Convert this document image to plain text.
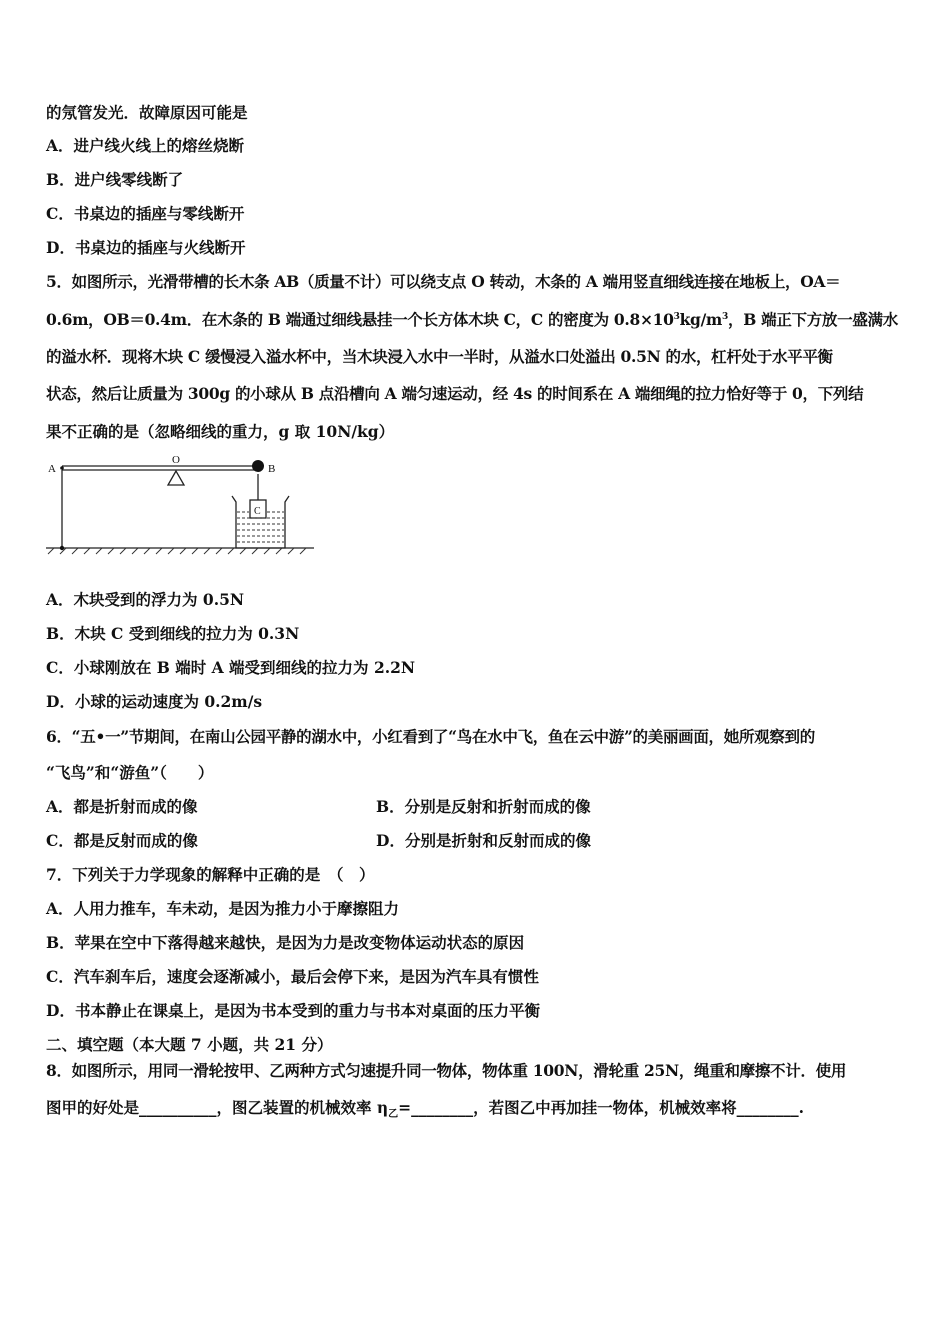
的氖管发光．故障原因可能是
A．进户线火线上的熔丝烧断
B．进户线零线断了
C．书桌边的插座与零线断开
D．书桌边的插座与火线断开
5．如图所示，光滑带槽的长木条 AB（质量不计）可以绕支点 O 转动，木条的 A 端用竖直细线连接在地板上，OA＝
0.6m，OB＝0.4m．在木条的 B 端通过细线悬挂一个长方体木块 C，C 的密度为 $0.8\times 10^3kg/m^3$，B 端正下方放一盛满水
的溢水杯．现将木块 C 缓慢浸入溢水杯中，当木块浸入水中一半时，从溢水口处溢出 0.5N 的水，杠杆处于水平平衡
状态，然后让质量为 300g 的小球从 B 点沿槽向 A 端匀速运动，经 4s 的时间系在 A 端细绳的拉力恰好等于 0，下列结
果不正确的是（忽略细线的重力，g 取 10N/kg）
A
O
B
C
A．木块受到的浮力为 0.5N
B．木块 C 受到细线的拉力为 0.3N
C．小球刚放在 B 端时 A 端受到细线的拉力为 2.2N
D．小球的运动速度为 0.2m/s
6．“五•一”节期间，在南山公园平静的湖水中，小红看到了“鸟在水中飞，鱼在云中游”的美丽画面，她所观察到的
“飞鸟”和“游鱼”（　　）
A．都是折射而成的像	B．分别是反射和折射而成的像
C．都是反射而成的像	D．分别是折射和反射而成的像
7．下列关于力学现象的解释中正确的是　（　）
A．人用力推车，车未动，是因为推力小于摩擦阻力
B．苹果在空中下落得越来越快，是因为力是改变物体运动状态的原因
C．汽车刹车后，速度会逐渐减小，最后会停下来，是因为汽车具有惯性
D．书本静止在课桌上，是因为书本受到的重力与书本对桌面的压力平衡
二、填空题（本大题 7 小题，共 21 分）
8．如图所示，用同一滑轮按甲、乙两种方式匀速提升同一物体，物体重 100N，滑轮重 25N，绳重和摩擦不计．使用
图甲的好处是__________，图乙装置的机械效率 $\eta_乙=\_\_\_\_\_\_\_\_$，若图乙中再加挂一物体，机械效率将________.
